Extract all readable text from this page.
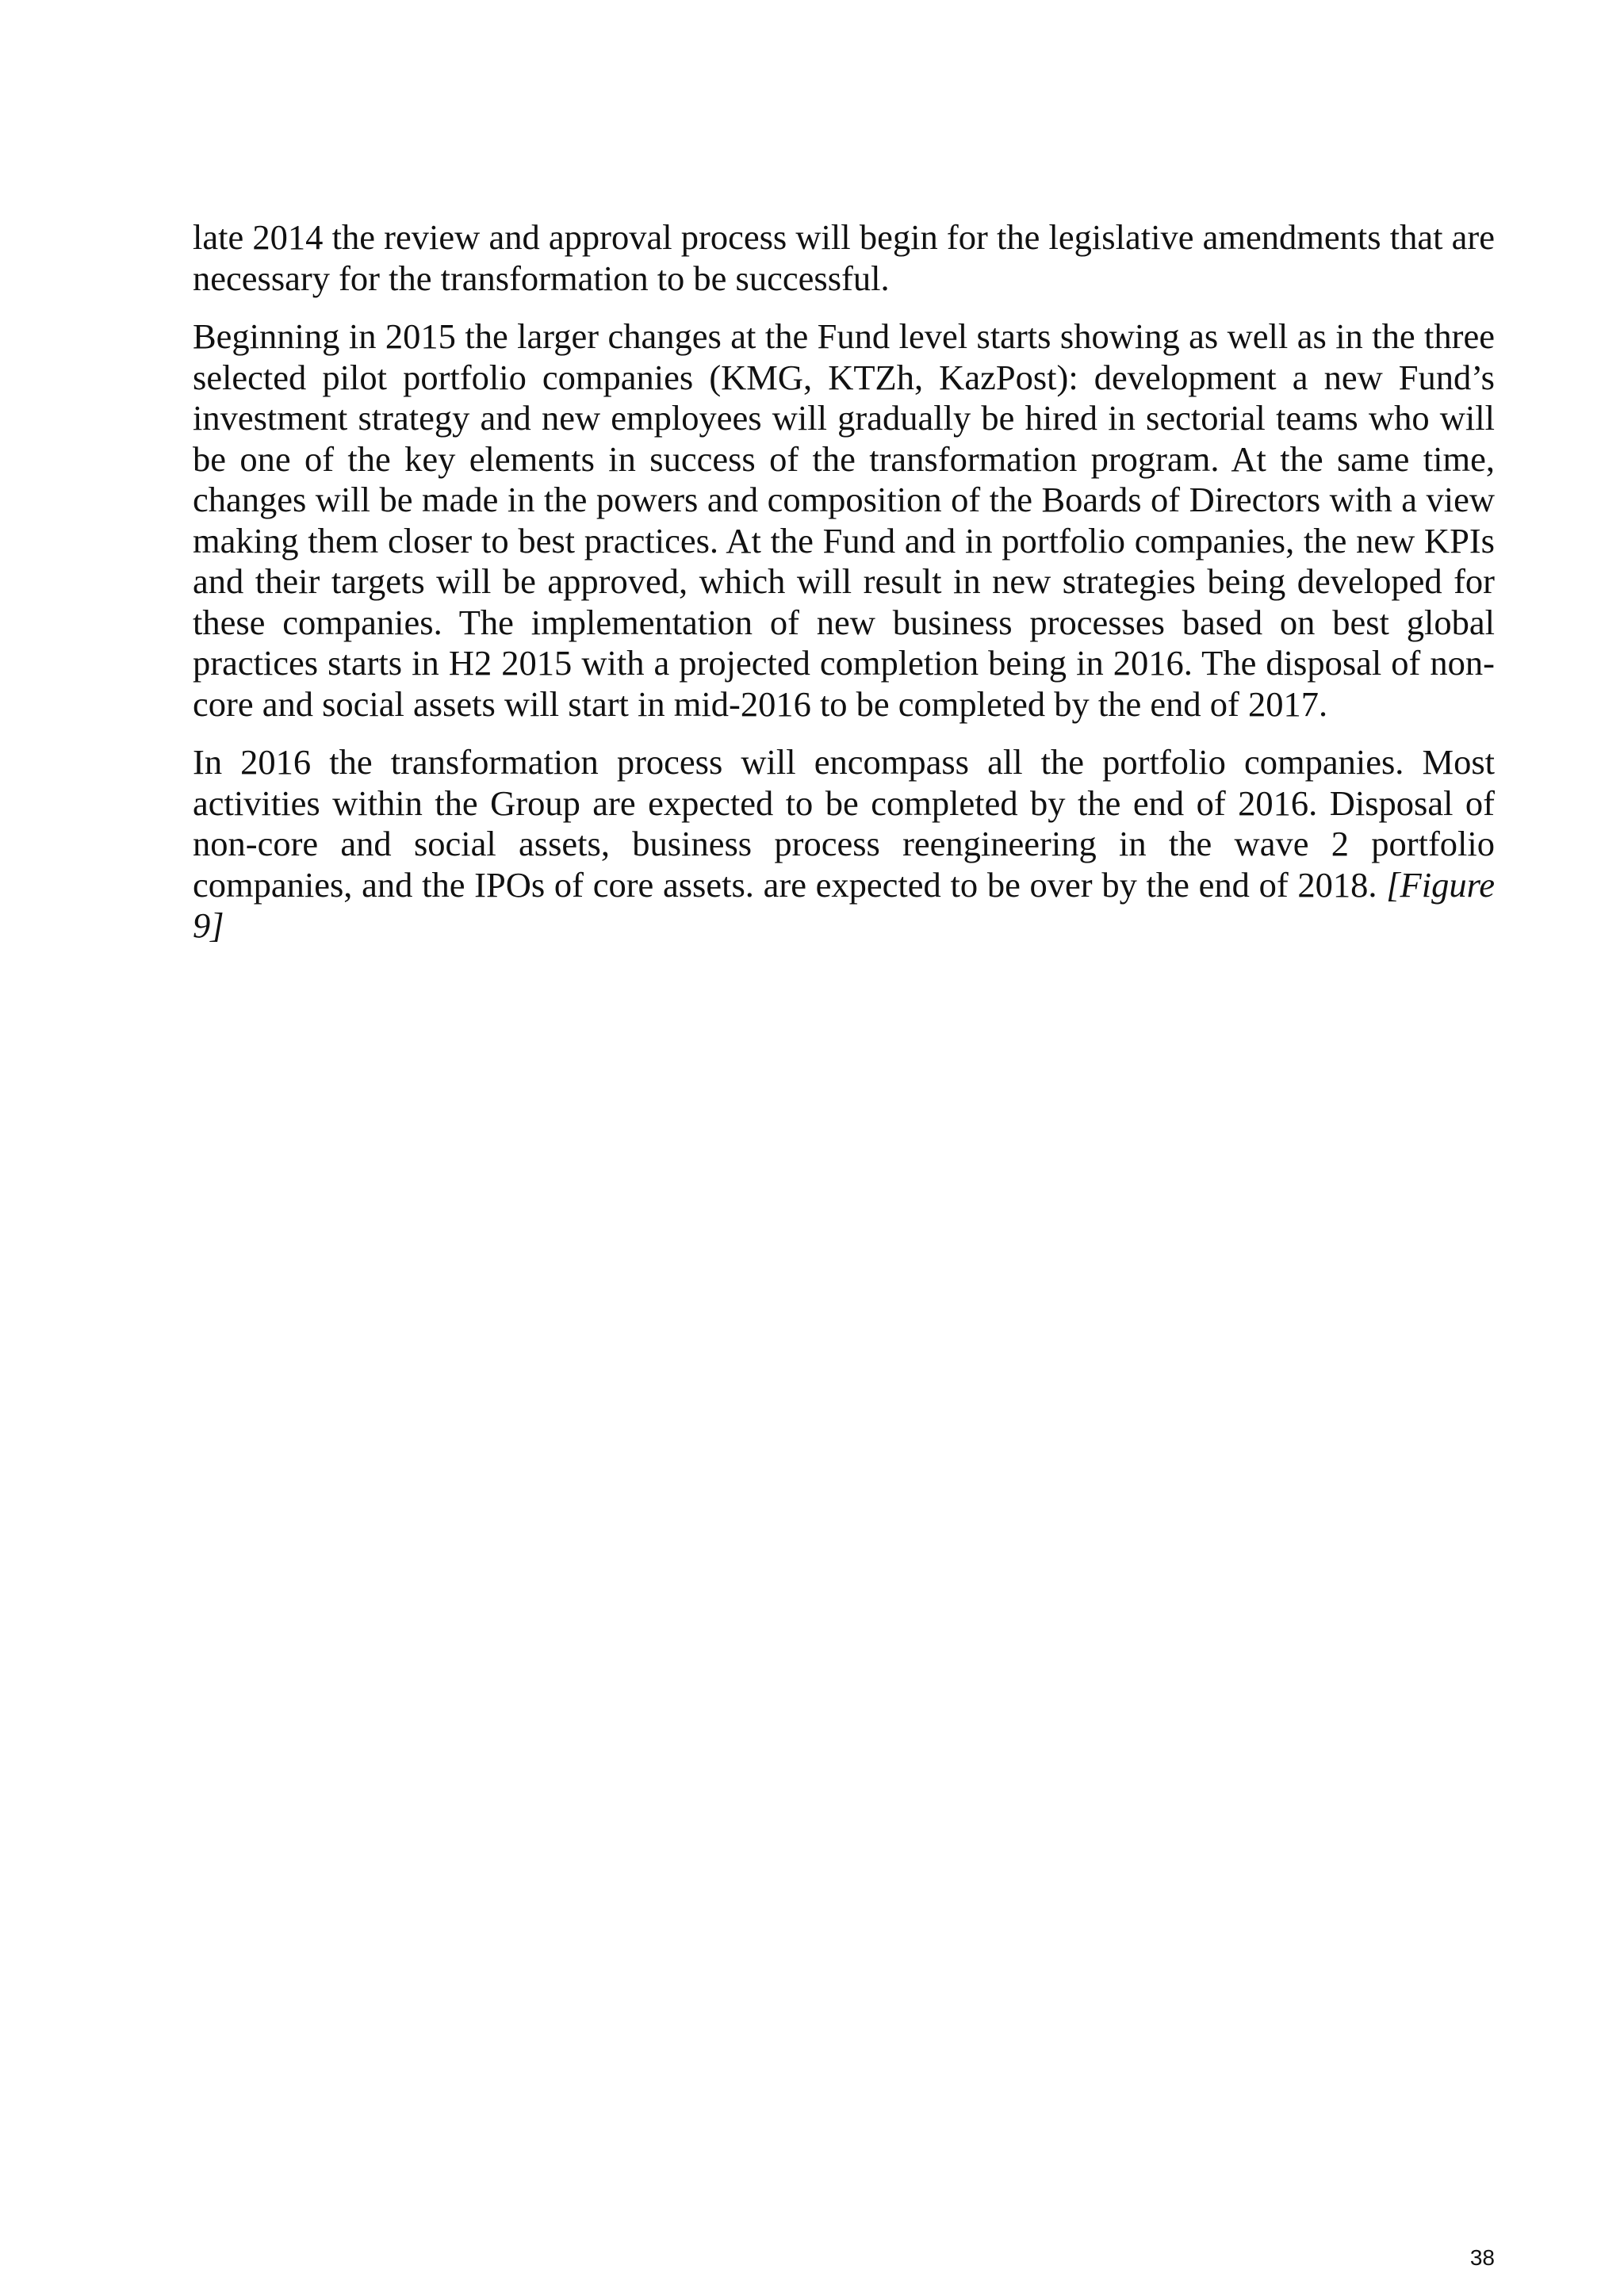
late 2014 the review and approval process will begin for the legislative amendments that are necessary for the transformation to be successful.

Beginning in 2015 the larger changes at the Fund level starts showing as well as in the three selected pilot portfolio companies (KMG, KTZh, KazPost): development a new Fund’s investment strategy and new employees will gradually be hired in sectorial teams who will be one of the key elements in success of the transformation program. At the same time, changes will be made in the powers and composition of the Boards of Directors with a view making them closer to best practices. At the Fund and in portfolio companies, the new KPIs and their targets will be approved, which will result in new strategies being developed for these companies. The implementation of new business processes based on best global practices starts in H2 2015 with a projected completion being in 2016. The disposal of non-core and social assets will start in mid-2016 to be completed by the end of 2017.

In 2016 the transformation process will encompass all the portfolio companies. Most activities within the Group are expected to be completed by the end of 2016. Disposal of non-core and social assets, business process reengineering in the wave 2 portfolio companies, and the IPOs of core assets. are expected to be over by the end of 2018. [Figure 9]

38
